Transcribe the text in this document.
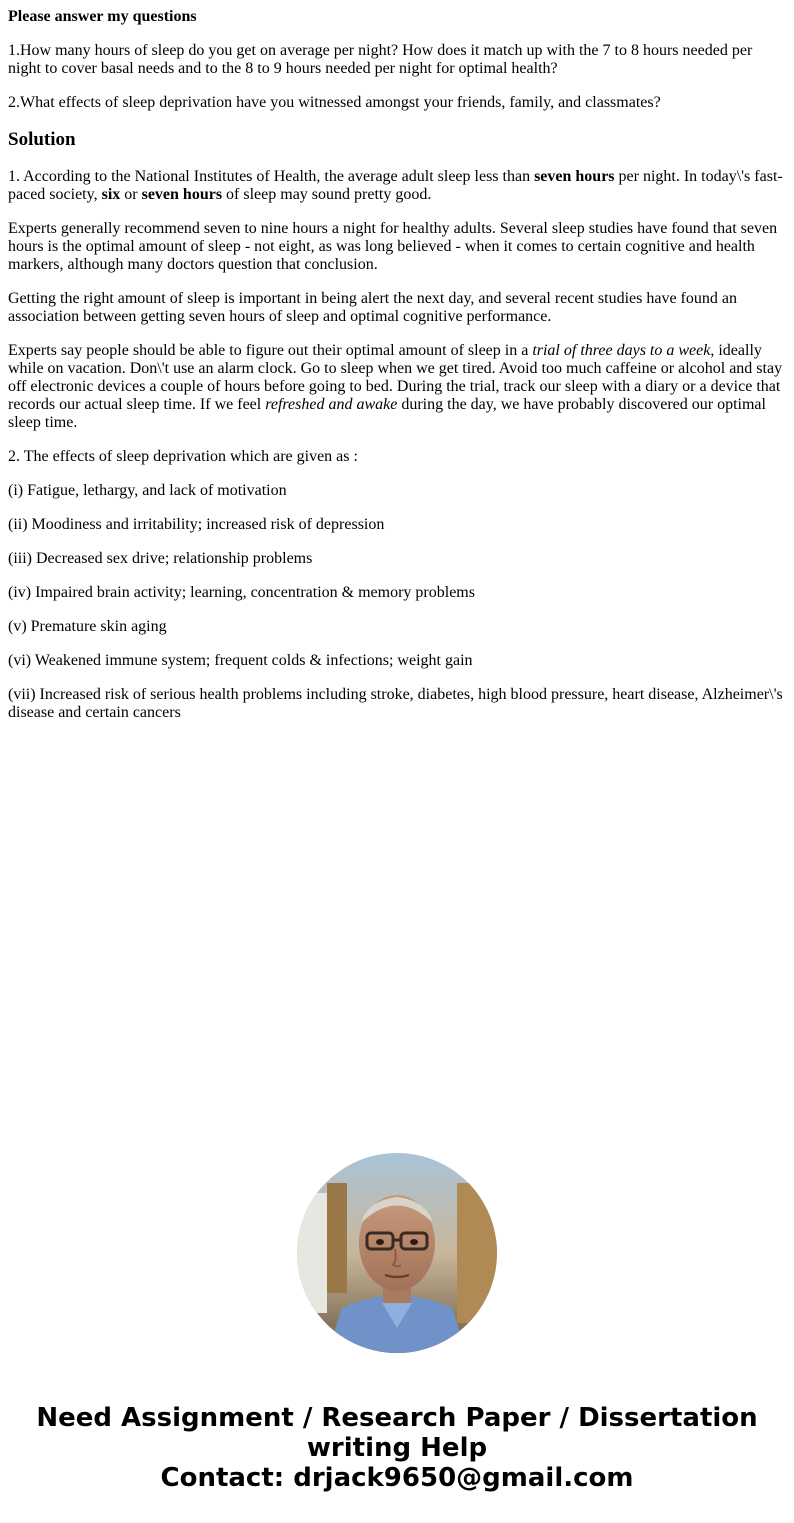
Please answer my questions

1.How many hours of sleep do you get on average per night? How does it match up with the 7 to 8 hours needed per night to cover basal needs and to the 8 to 9 hours needed per night for optimal health?

2.What effects of sleep deprivation have you witnessed amongst your friends, family, and classmates?

Solution

1. According to the National Institutes of Health, the average adult sleep less than seven hours per night. In today\'s fast-paced society, six or seven hours of sleep may sound pretty good.

Experts generally recommend seven to nine hours a night for healthy adults. Several sleep studies have found that seven hours is the optimal amount of sleep - not eight, as was long believed - when it comes to certain cognitive and health markers, although many doctors question that conclusion.

Getting the right amount of sleep is important in being alert the next day, and several recent studies have found an association between getting seven hours of sleep and optimal cognitive performance.

Experts say people should be able to figure out their optimal amount of sleep in a trial of three days to a week, ideally while on vacation. Don\'t use an alarm clock. Go to sleep when we get tired. Avoid too much caffeine or alcohol and stay off electronic devices a couple of hours before going to bed. During the trial, track our sleep with a diary or a device that records our actual sleep time. If we feel refreshed and awake during the day, we have probably discovered our optimal sleep time.

2. The effects of sleep deprivation which are given as :

(i) Fatigue, lethargy, and lack of motivation

(ii) Moodiness and irritability; increased risk of depression

(iii) Decreased sex drive; relationship problems

(iv) Impaired brain activity; learning, concentration & memory problems

(v) Premature skin aging

(vi) Weakened immune system; frequent colds & infections; weight gain

(vii) Increased risk of serious health problems including stroke, diabetes, high blood pressure, heart disease, Alzheimer\'s disease and certain cancers

Need Assignment / Research Paper / Dissertation
writing Help
Contact: drjack9650@gmail.com
